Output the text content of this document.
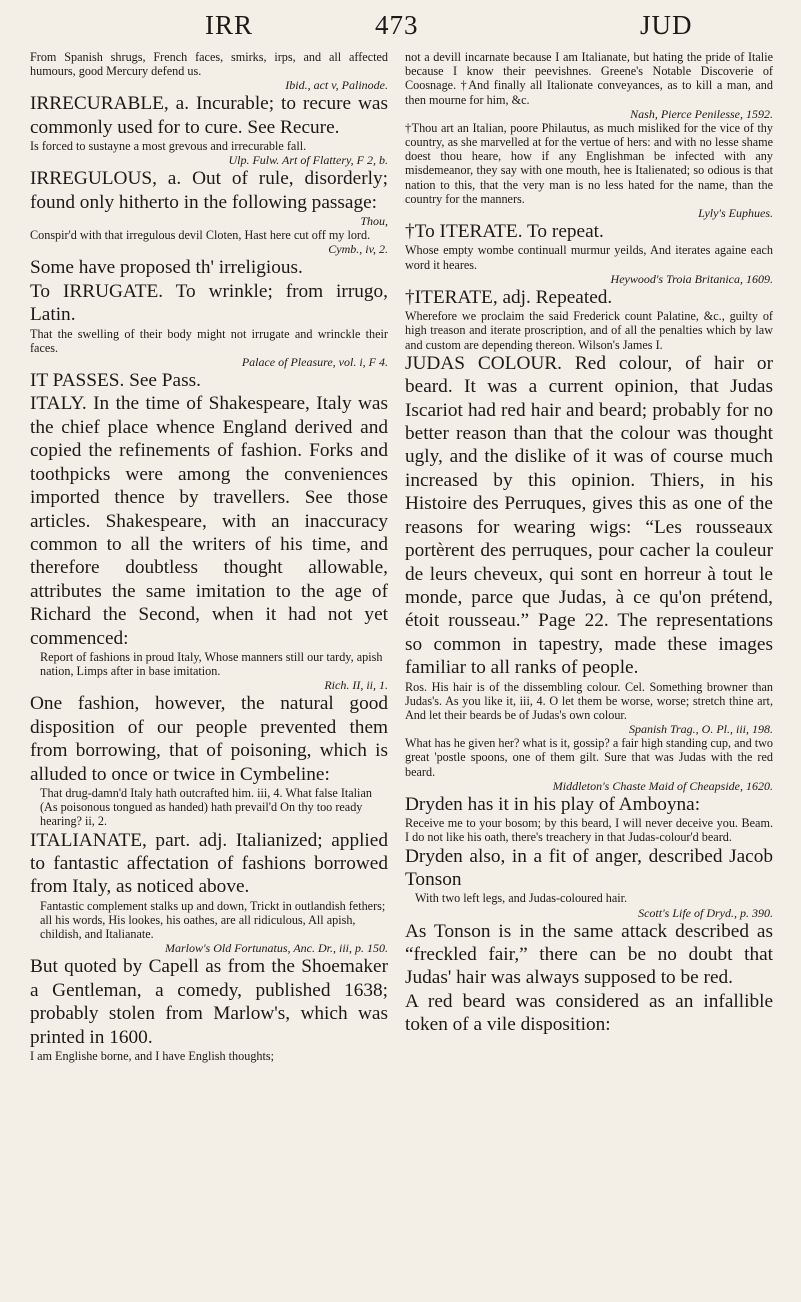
IRR	473	JUD

From Spanish shrugs, French faces, smirks, irps, and all affected humours, good Mercury defend us.

Ibid., act v, Palinode.

IRRECURABLE, a. Incurable; to recure was commonly used for to cure. See Recure.

Is forced to sustayne a most grevous and irrecurable fall.

Ulp. Fulw. Art of Flattery, F 2, b.

IRREGULOUS, a. Out of rule, disorderly; found only hitherto in the following passage:

Thou,

Conspir'd with that irregulous devil Cloten, Hast here cut off my lord.

Cymb., iv, 2.

Some have proposed th' irreligious.

To IRRUGATE. To wrinkle; from irrugo, Latin.

That the swelling of their body might not irrugate and wrinckle their faces.

Palace of Pleasure, vol. i, F 4.

IT PASSES. See Pass.

ITALY. In the time of Shakespeare, Italy was the chief place whence England derived and copied the refinements of fashion. Forks and toothpicks were among the conveniences imported thence by travellers. See those articles. Shakespeare, with an inaccuracy common to all the writers of his time, and therefore doubtless thought allowable, attributes the same imitation to the age of Richard the Second, when it had not yet commenced:

Report of fashions in proud Italy, Whose manners still our tardy, apish nation, Limps after in base imitation.

Rich. II, ii, 1.

One fashion, however, the natural good disposition of our people prevented them from borrowing, that of poisoning, which is alluded to once or twice in Cymbeline:

That drug-damn'd Italy hath outcrafted him. iii, 4. What false Italian (As poisonous tongued as handed) hath prevail'd On thy too ready hearing? ii, 2.

ITALIANATE, part. adj. Italianized; applied to fantastic affectation of fashions borrowed from Italy, as noticed above.

Fantastic complement stalks up and down, Trickt in outlandish fethers; all his words, His lookes, his oathes, are all ridiculous, All apish, childish, and Italianate.

Marlow's Old Fortunatus, Anc. Dr., iii, p. 150.

But quoted by Capell as from the Shoemaker a Gentleman, a comedy, published 1638; probably stolen from Marlow's, which was printed in 1600.

I am Englishe borne, and I have English thoughts;

not a devill incarnate because I am Italianate, but hating the pride of Italie because I know their peevishnes. Greene's Notable Discoverie of Coosnage. †And finally all Italionate conveyances, as to kill a man, and then mourne for him, &c.

Nash, Pierce Penilesse, 1592.

†Thou art an Italian, poore Philautus, as much misliked for the vice of thy country, as she marvelled at for the vertue of hers: and with no lesse shame doest thou heare, how if any Englishman be infected with any misdemeanor, they say with one mouth, hee is Italienated; so odious is that nation to this, that the very man is no less hated for the name, than the country for the manners.

Lyly's Euphues.

†To ITERATE. To repeat.

Whose empty wombe continuall murmur yeilds, And iterates againe each word it heares.

Heywood's Troia Britanica, 1609.

†ITERATE, adj. Repeated.

Wherefore we proclaim the said Frederick count Palatine, &c., guilty of high treason and iterate proscription, and of all the penalties which by law and custom are depending thereon. Wilson's James I.

JUDAS COLOUR. Red colour, of hair or beard. It was a current opinion, that Judas Iscariot had red hair and beard; probably for no better reason than that the colour was thought ugly, and the dislike of it was of course much increased by this opinion. Thiers, in his Histoire des Perruques, gives this as one of the reasons for wearing wigs: “Les rousseaux portèrent des perruques, pour cacher la couleur de leurs cheveux, qui sont en horreur à tout le monde, parce que Judas, à ce qu'on prétend, étoit rousseau.” Page 22. The representations so common in tapestry, made these images familiar to all ranks of people.

Ros. His hair is of the dissembling colour. Cel. Something browner than Judas's. As you like it, iii, 4. O let them be worse, worse; stretch thine art, And let their beards be of Judas's own colour.

Spanish Trag., O. Pl., iii, 198.

What has he given her? what is it, gossip? a fair high standing cup, and two great 'postle spoons, one of them gilt. Sure that was Judas with the red beard.

Middleton's Chaste Maid of Cheapside, 1620.

Dryden has it in his play of Amboyna:

Receive me to your bosom; by this beard, I will never deceive you. Beam. I do not like his oath, there's treachery in that Judas-colour'd beard.

Dryden also, in a fit of anger, described Jacob Tonson

With two left legs, and Judas-coloured hair.

Scott's Life of Dryd., p. 390.

As Tonson is in the same attack described as “freckled fair,” there can be no doubt that Judas' hair was always supposed to be red.

A red beard was considered as an infallible token of a vile disposition:
